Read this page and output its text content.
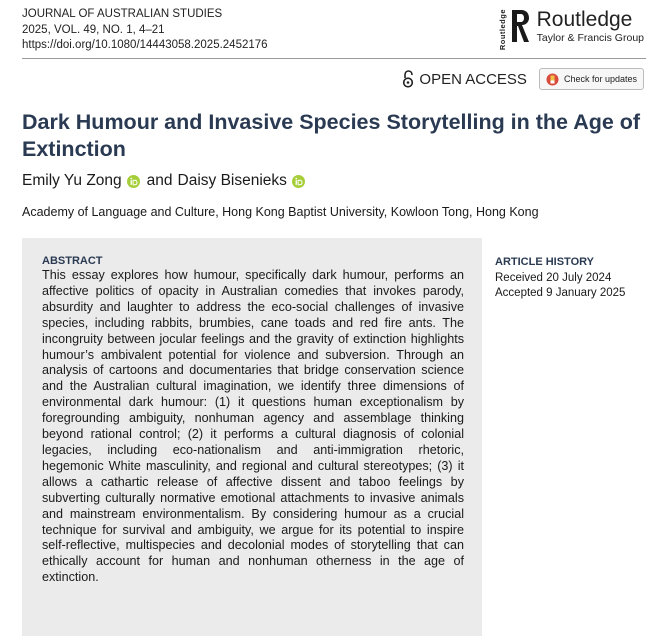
JOURNAL OF AUSTRALIAN STUDIES
2025, VOL. 49, NO. 1, 4–21
https://doi.org/10.1080/14443058.2025.2452176	Routledge Routledge
Taylor & Francis Group
OPEN ACCESS	Check for updates
Dark Humour and Invasive Species Storytelling in the Age of Extinction
Emily Yu Zong and Daisy Bisenieks
Academy of Language and Culture, Hong Kong Baptist University, Kowloon Tong, Hong Kong
ABSTRACT

This essay explores how humour, specifically dark humour, performs an affective politics of opacity in Australian comedies that invokes parody, absurdity and laughter to address the eco-social challenges of invasive species, including rabbits, brumbies, cane toads and red fire ants. The incongruity between jocular feelings and the gravity of extinction highlights humour’s ambivalent potential for violence and subversion. Through an analysis of cartoons and documentaries that bridge conservation science and the Australian cultural imagination, we identify three dimensions of environmental dark humour: (1) it questions human exceptionalism by foregrounding ambiguity, nonhuman agency and assemblage thinking beyond rational control; (2) it performs a cultural diagnosis of colonial legacies, including eco-nationalism and anti-immigration rhetoric, hegemonic White masculinity, and regional and cultural stereotypes; (3) it allows a cathartic release of affective dissent and taboo feelings by subverting culturally normative emotional attachments to invasive animals and mainstream environmentalism. By considering humour as a crucial technique for survival and ambiguity, we argue for its potential to inspire self-reflective, multispecies and decolonial modes of storytelling that can ethically account for human and nonhuman otherness in the age of extinction.

ARTICLE HISTORY
Received 20 July 2024
Accepted 9 January 2025
